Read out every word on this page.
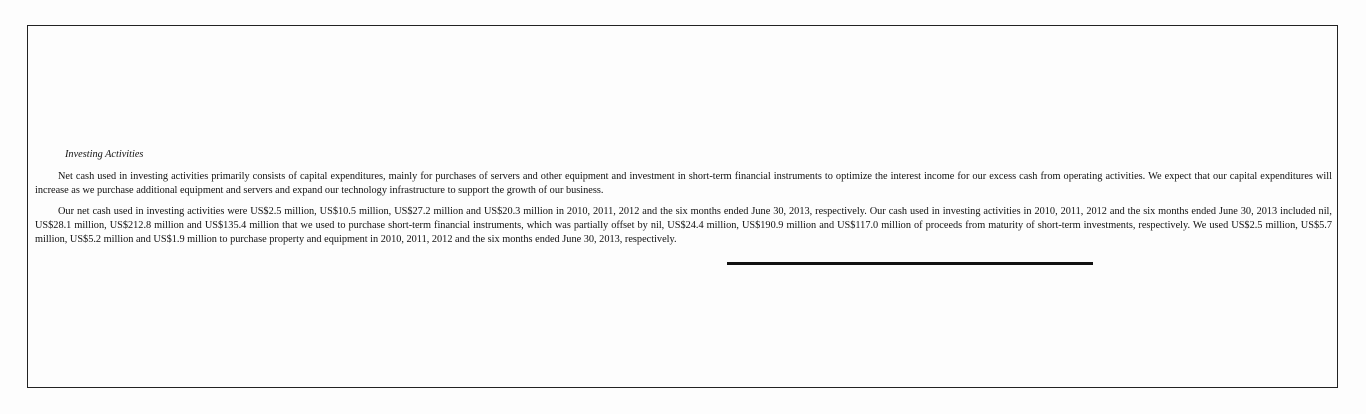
Investing Activities

Net cash used in investing activities primarily consists of capital expenditures, mainly for purchases of servers and other equipment and investment in short-term financial instruments to optimize the interest income for our excess cash from operating activities. We expect that our capital expenditures will increase as we purchase additional equipment and servers and expand our technology infrastructure to support the growth of our business.

Our net cash used in investing activities were US$2.5 million, US$10.5 million, US$27.2 million and US$20.3 million in 2010, 2011, 2012 and the six months ended June 30, 2013, respectively. Our cash used in investing activities in 2010, 2011, 2012 and the six months ended June 30, 2013 included nil, US$28.1 million, US$212.8 million and US$135.4 million that we used to purchase short-term financial instruments, which was partially offset by nil, US$24.4 million, US$190.9 million and US$117.0 million of proceeds from maturity of short-term investments, respectively. We used US$2.5 million, US$5.7 million, US$5.2 million and US$1.9 million to purchase property and equipment in 2010, 2011, 2012 and the six months ended June 30, 2013, respectively.
